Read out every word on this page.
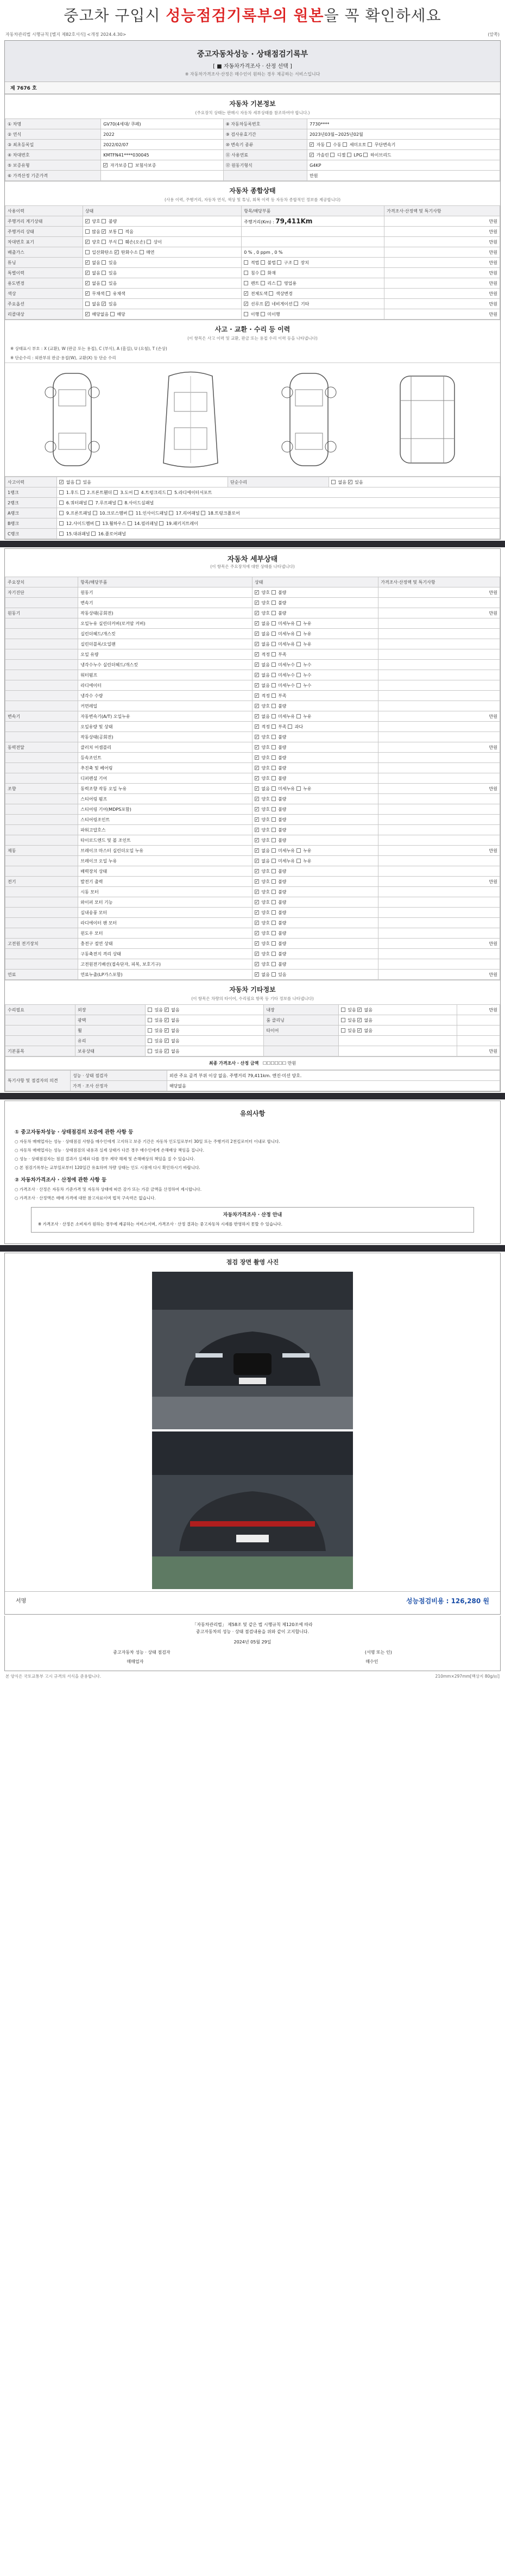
중고차 구입시 성능점검기록부의 원본을 꼭 확인하세요
자동차관리법 시행규칙 [별지 제82호서식] <개정 2024.4.30>	(앞쪽)
중고자동차성능 · 상태점검기록부
[ ■ 자동차가격조사 · 산정 선택 ]
※ 자동차가격조사·산정은 매수인이 원하는 경우 제공하는 서비스입니다
제 7676 호
자동차 기본정보
(주요장치 상태는 판매시 자동차 세부상태를 참조하여야 합니다.)
① 차명	GV70(4세대/ 쿠페)	⑧ 자동차등록번호	7730****
② 연식	2022	⑨ 검사유효기간	2023년03월~2025년02월
③ 최초등록일	2022/02/07	⑩ 변속기 종류	✓ 자동  수동  세미오토  무단변속기
④ 차대번호	KMTFN41****030045	⑪ 사용연료	✓ 가솔린  디젤  LPG  하이브리드
⑤ 보증유형	✓ 자가보증  보험사보증	⑫ 원동기형식	G4KP
⑥ 가격산정 기준가격			만원
자동차 종합상태
(사용 이력, 주행거리, 자동차 연식, 색상 및 튜닝, 회복 이력 등 자동차 종합적인 정보를 제공합니다)
사용이력	상태	항목/해당부품	가격조사·산정액 및 특기사항
주행거리 계기상태	✓ 양호  불량	주행거리(Km) : 79,411Km	만원
주행거리 상태	많음 ✓ 보통  적음		만원
차대번호 표기	✓ 양호  부식  훼손(오손)  상이		만원
배출가스	일산화탄소 ✓ 탄화수소  매연	0 % , 0 ppm , 0 %	만원
튜닝	✓ 없음  있음	적법  불법  구조  장치	만원
특별이력	✓ 없음  있음	침수  화재	만원
용도변경	✓ 없음  있음	렌트  리스  영업용	만원
색상	✓ 무채색  유채색	✓ 전체도색  색상변경	만원
주요옵션	없음 ✓ 있음	✓ 선루프 ✓ 네비게이션  기타	만원
리콜대상	✓ 해당없음  해당	이행  미이행	만원
사고 · 교환 · 수리 등 이력
(이 항목은 사고 이력 및 교환, 판금 또는 용접 수리 이력 등을 나타냅니다)
※ 상태표시 부호 : X (교환), W (판금 또는 용접), C (부식), A (흠집), U (요철), T (손상)
※ 단순수리 : 외판부위 판금·용접(W), 교환(X) 등 단순 수리
사고이력	✓ 없음  있음	단순수리	없음 ✓ 있음
1랭크	1.후드  2.프론트휀더  3.도어  4.트렁크리드  5.라디에이터서포트		
2랭크	6.쿼터패널  7.루프패널  8.사이드실패널		
A랭크	9.프론트패널  10.크로스멤버  11.인사이드패널  17.리어패널  18.트렁크플로어		
B랭크	12.사이드멤버  13.휠하우스  14.필러패널  19.패키지트레이		
C랭크	15.대쉬패널  16.플로어패널		
자동차 세부상태
(이 항목은 주요장치에 대한 상태를 나타냅니다)
주요장치	항목/해당부품	상태	가격조사·산정액 및 특기사항
자기진단	원동기	✓ 양호  불량	만원
	변속기	✓ 양호  불량	
원동기	작동상태(공회전)	✓ 양호  불량	만원
	오일누유 실린더커버(로커암 커버)	✓ 없음  미세누유  누유	
	실린더헤드/개스킷	✓ 없음  미세누유  누유	
	실린더블록/오일팬	✓ 없음  미세누유  누유	
	오일 유량	✓ 적정  부족	
	냉각수누수 실린더헤드/개스킷	✓ 없음  미세누수  누수	
	워터펌프	✓ 없음  미세누수  누수	
	라디에이터	✓ 없음  미세누수  누수	
	냉각수 수량	✓ 적정  부족	
	커먼레일	✓ 양호  불량	
변속기	자동변속기(A/T) 오일누유	✓ 없음  미세누유  누유	만원
	오일유량 및 상태	✓ 적정  부족  과다	
	작동상태(공회전)	✓ 양호  불량	
동력전달	클러치 어셈블리	✓ 양호  불량	만원
	등속조인트	✓ 양호  불량	
	추진축 및 베어링	✓ 양호  불량	
	디퍼렌셜 기어	✓ 양호  불량	
조향	동력조향 작동 오일 누유	✓ 없음  미세누유  누유	만원
	스티어링 펌프	✓ 양호  불량	
	스티어링 기어(MDPS포함)	✓ 양호  불량	
	스티어링조인트	✓ 양호  불량	
	파워고압호스	✓ 양호  불량	
	타이로드엔드 및 볼 조인트	✓ 양호  불량	
제동	브레이크 마스터 실린더오일 누유	✓ 없음  미세누유  누유	만원
	브레이크 오일 누유	✓ 없음  미세누유  누유	
	배력장치 상태	✓ 양호  불량	
전기	발전기 출력	✓ 양호  불량	만원
	시동 모터	✓ 양호  불량	
	와이퍼 모터 기능	✓ 양호  불량	
	실내송풍 모터	✓ 양호  불량	
	라디에이터 팬 모터	✓ 양호  불량	
	윈도우 모터	✓ 양호  불량	
고전원 전기장치	충전구 절연 상태	✓ 양호  불량	만원
	구동축전지 격리 상태	✓ 양호  불량	
	고전원전기배선(접속단자, 피복, 보호기구)	✓ 양호  불량	
연료	연료누출(LP가스포함)	✓ 없음  있음	만원
자동차 기타정보
(이 항목은 차량의 타이어, 수리필요 항목 등 기타 정보를 나타냅니다)
수리필요	외장	있음 ✓ 없음	내장	있음 ✓ 없음	만원
	광택	있음 ✓ 없음	룸 클리닝	있음 ✓ 없음	
	휠	있음 ✓ 없음	타이어	있음 ✓ 없음	
	유리	있음 ✓ 없음			
기본품목	보유상태	있음 ✓ 없음			만원
최종 가격조사 · 산정 금액   ☐☐☐☐☐☐ 만원
특기사항 및 점검자의 의견		
	성능 · 상태 점검자	외관 주요 골격 부위 이상 없음. 주행거리 79,411km. 엔진·미션 양호.
	가격 · 조사 산정자	해당없음
유의사항
① 중고자동차성능 · 상태점검의 보증에 관한 사항 등

○ 자동차 매매업자는 성능 · 상태점검 사항을 매수인에게 고지하고 보증 기간은 자동차 인도일로부터 30일 또는 주행거리 2천킬로미터 이내로 합니다.

○ 자동차 매매업자는 성능 · 상태점검의 내용과 실제 상태가 다른 경우 매수인에게 손해배상 책임을 집니다.

○ 성능 · 상태점검자는 점검 결과가 실제와 다를 경우 계약 해제 및 손해배상의 책임을 질 수 있습니다.

○ 본 점검기록부는 교부일로부터 120일간 유효하며 차량 상태는 인도 시점에 다시 확인하시기 바랍니다.

② 자동차가격조사 · 산정에 관한 사항 등

○ 가격조사 · 산정은 자동차 기준가격 및 자동차 상태에 따른 감가 또는 가감 금액을 산정하여 제시합니다.

○ 가격조사 · 산정액은 매매 가격에 대한 참고자료이며 법적 구속력은 없습니다.

자동차가격조사 · 산정 안내
※ 가격조사 · 산정은 소비자가 원하는 경우에 제공하는 서비스이며, 가격조사 · 산정 결과는 중고자동차 시세를 반영하지 못할 수 있습니다.
점검 장면 촬영 사진
서명	성능점검비용 : 126,280 원
「자동차관리법」 제58조 및 같은 법 시행규칙 제120조에 따라
중고자동차의 성능 · 상태 점검내용을 위와 같이 고지합니다.
2024년 05월 29일
중고자동차 성능 · 상태 점검자	(서명 또는 인)
매매업자	매수인
본 양식은 국토교통부 고시 규격의 서식을 준용합니다.	210mm×297mm[백상지 80g/㎡]
